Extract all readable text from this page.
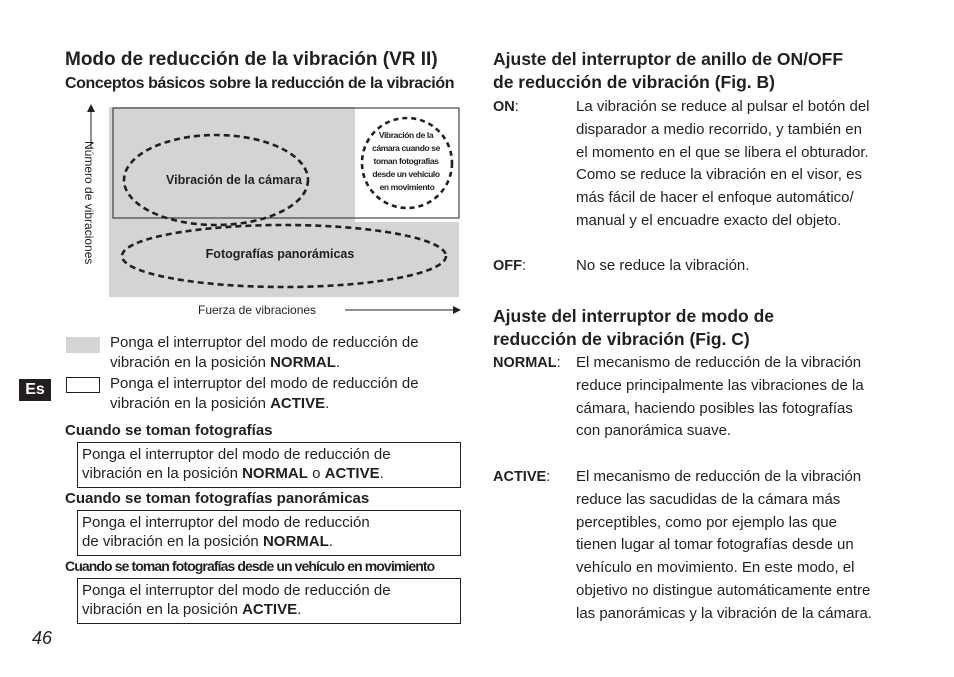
Modo de reducción de la vibración (VR II)
Conceptos básicos sobre la reducción de la vibración
Vibración de la cámara
Fotografías panorámicas
Vibración de la cámara cuando se toman fotografías desde un vehículo en movimiento
Número de vibraciones
Fuerza de vibraciones
Ponga el interruptor del modo de reducción de vibración en la posición NORMAL.
Ponga el interruptor del modo de reducción de vibración en la posición ACTIVE.
Cuando se toman fotografías
Ponga el interruptor del modo de reducción de
vibración en la posición NORMAL o ACTIVE.
Cuando se toman fotografías panorámicas
Ponga el interruptor del modo de reducción
de vibración en la posición NORMAL.
Cuando se toman fotografías desde un vehículo en movimiento
Ponga el interruptor del modo de reducción de
vibración en la posición ACTIVE.
Es
46
Ajuste del interruptor de anillo de ON/OFF
de reducción de vibración (Fig. B)
ON:	La vibración se reduce al pulsar el botón del
disparador a medio recorrido, y también en
el momento en el que se libera el obturador.
Como se reduce la vibración en el visor, es
más fácil de hacer el enfoque automático/
manual y el encuadre exacto del objeto.
OFF:	No se reduce la vibración.
Ajuste del interruptor de modo de
reducción de vibración (Fig. C)
NORMAL: El mecanismo de reducción de la vibración
reduce principalmente las vibraciones de la
cámara, haciendo posibles las fotografías
con panorámica suave.
ACTIVE: El mecanismo de reducción de la vibración
reduce las sacudidas de la cámara más
perceptibles, como por ejemplo las que
tienen lugar al tomar fotografías desde un
vehículo en movimiento. En este modo, el
objetivo no distingue automáticamente entre
las panorámicas y la vibración de la cámara.
